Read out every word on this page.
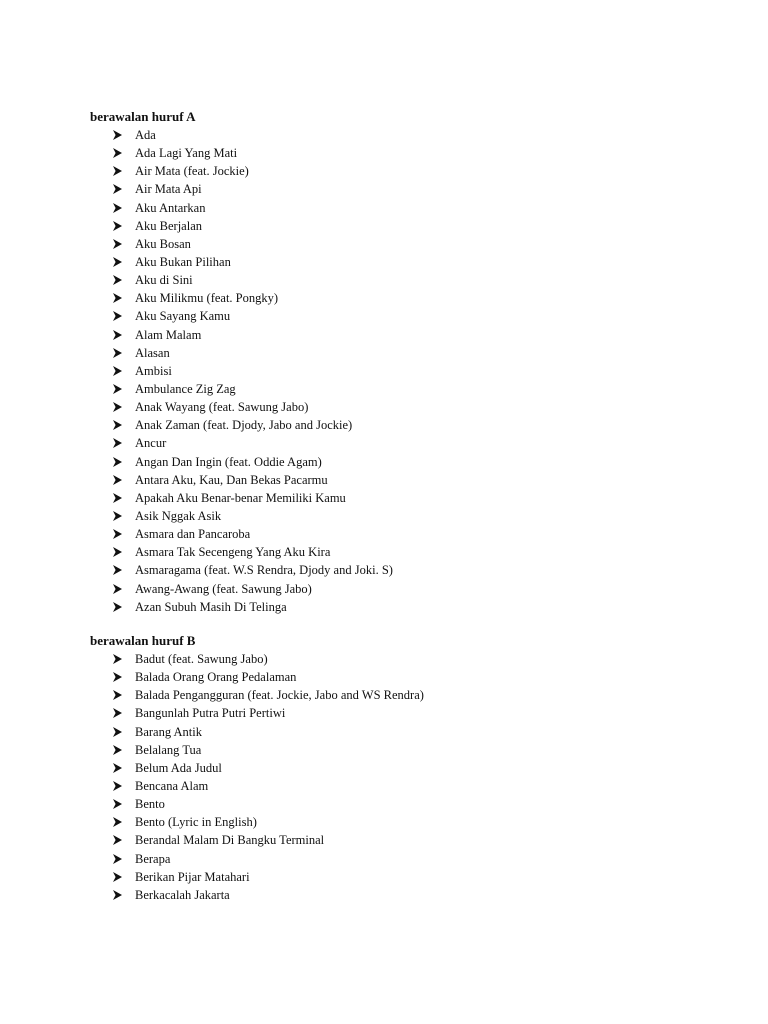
berawalan huruf A
Ada
Ada Lagi Yang Mati
Air Mata (feat. Jockie)
Air Mata Api
Aku Antarkan
Aku Berjalan
Aku Bosan
Aku Bukan Pilihan
Aku di Sini
Aku Milikmu (feat. Pongky)
Aku Sayang Kamu
Alam Malam
Alasan
Ambisi
Ambulance Zig Zag
Anak Wayang (feat. Sawung Jabo)
Anak Zaman (feat. Djody, Jabo and Jockie)
Ancur
Angan Dan Ingin (feat. Oddie Agam)
Antara Aku, Kau, Dan Bekas Pacarmu
Apakah Aku Benar-benar Memiliki Kamu
Asik Nggak Asik
Asmara dan Pancaroba
Asmara Tak Secengeng Yang Aku Kira
Asmaragama (feat. W.S Rendra, Djody and Joki. S)
Awang-Awang (feat. Sawung Jabo)
Azan Subuh Masih Di Telinga
berawalan huruf B
Badut (feat. Sawung Jabo)
Balada Orang Orang Pedalaman
Balada Pengangguran (feat. Jockie, Jabo and WS Rendra)
Bangunlah Putra Putri Pertiwi
Barang Antik
Belalang Tua
Belum Ada Judul
Bencana Alam
Bento
Bento (Lyric in English)
Berandal Malam Di Bangku Terminal
Berapa
Berikan Pijar Matahari
Berkacalah Jakarta
